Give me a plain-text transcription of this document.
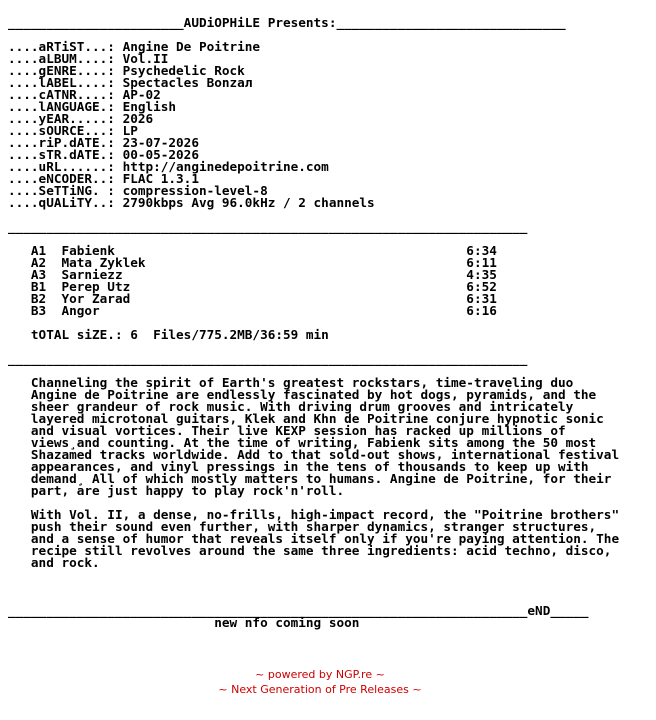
_______________________AUDiOPHiLE Presents:______________________________
....aRTiST...: Angine De Poitrine
....aLBUM....: Vol.II
....gENRE....: Psychedelic Rock
....lABEL....: Spectacles Bonzaл
....cATNR....: AP-02
....lANGUAGE.: English
....yEAR.....: 2026
....sOURCE...: LP
....riP.dATE.: 23-07-2026
....sTR.dATE.: 00-05-2026
....uRL......: http://anginedepoitrine.com
....eNCODER..: FLAC 1.3.1
....SeTTiNG. : compression-level-8
....qUALiTY..: 2790kbps Avg 96.0kHz / 2 channels
____________________________________________________________________
A1  Fabienk                                              6:34
A2  Mata Zyklek                                          6:11
A3  Sarniezz                                             4:35
B1  Perep Utz                                            6:52
B2  Yor Zarad                                            6:31
B3  Angor                                                6:16
tOTAL siZE.: 6  Files/775.2MB/36:59 min
____________________________________________________________________
Channeling the spirit of Earth's greatest rockstars, time-traveling duo
Angine de Poitrine are endlessly fascinated by hot dogs, pyramids, and the
sheer grandeur of rock music. With driving drum grooves and intricately
layered microtonal guitars, Klek and Khn de Poitrine conjure hypnotic sonic
and visual vortices. Their live KEXP session has racked up millions of
views¸and counting. At the time of writing, Fabienk sits among the 50 most
Shazamed tracks worldwide. Add to that sold-out shows, international festival
appearances, and vinyl pressings in the tens of thousands to keep up with
demand¸ All of which mostly matters to humans. Angine de Poitrine, for their
part, are just happy to play rock'n'roll.
With Vol. II, a dense, no-frills, high-impact record, the "Poitrine brothers"
push their sound even further, with sharper dynamics, stranger structures,
and a sense of humor that reveals itself only if you're paying attention. The
recipe still revolves around the same three ingredients: acid techno, disco,
and rock.
____________________________________________________________________eND_____
new nfo coming soon
~ powered by NGP.re ~
~ Next Generation of Pre Releases ~
